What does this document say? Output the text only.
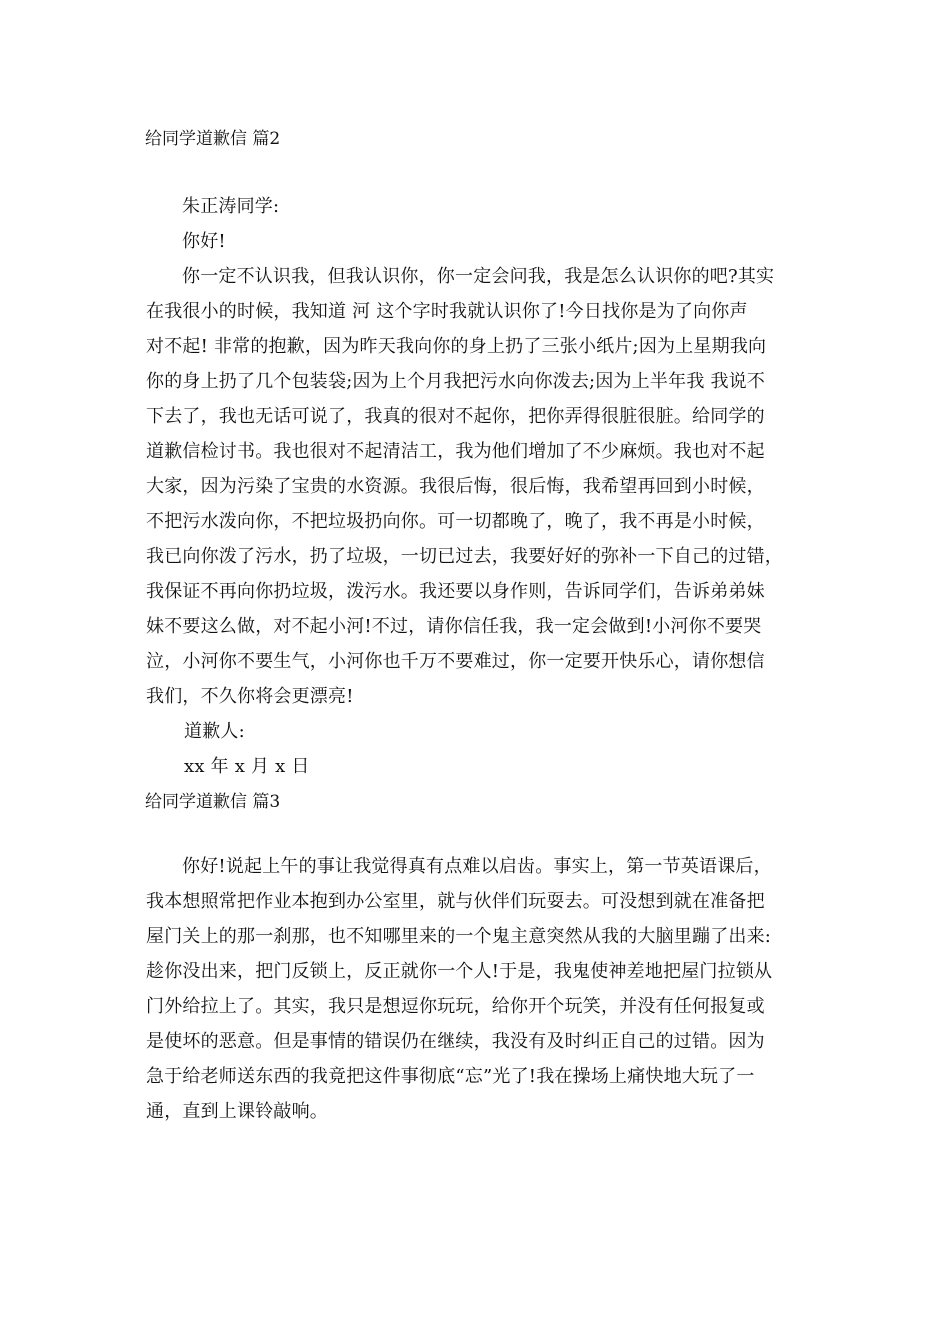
给同学道歉信 篇2
朱正涛同学:
你好!
你一定不认识我，但我认识你，你一定会问我，我是怎么认识你的吧?其实
在我很小的时候，我知道 河 这个字时我就认识你了!今日找你是为了向你声
对不起! 非常的抱歉，因为昨天我向你的身上扔了三张小纸片;因为上星期我向
你的身上扔了几个包装袋;因为上个月我把污水向你泼去;因为上半年我 我说不
下去了，我也无话可说了，我真的很对不起你，把你弄得很脏很脏。给同学的
道歉信检讨书。我也很对不起清洁工，我为他们增加了不少麻烦。我也对不起
大家，因为污染了宝贵的水资源。我很后悔，很后悔，我希望再回到小时候，
不把污水泼向你，不把垃圾扔向你。可一切都晚了，晚了，我不再是小时候，
我已向你泼了污水，扔了垃圾，一切已过去，我要好好的弥补一下自己的过错，
我保证不再向你扔垃圾，泼污水。我还要以身作则，告诉同学们，告诉弟弟妹
妹不要这么做，对不起小河!不过，请你信任我，我一定会做到!小河你不要哭
泣，小河你不要生气，小河你也千万不要难过，你一定要开快乐心，请你想信
我们，不久你将会更漂亮!
道歉人:
xx 年 x 月 x 日
给同学道歉信 篇3
你好!说起上午的事让我觉得真有点难以启齿。事实上，第一节英语课后，
我本想照常把作业本抱到办公室里，就与伙伴们玩耍去。可没想到就在准备把
屋门关上的那一刹那，也不知哪里来的一个鬼主意突然从我的大脑里蹦了出来:
趁你没出来，把门反锁上，反正就你一个人!于是，我鬼使神差地把屋门拉锁从
门外给拉上了。其实，我只是想逗你玩玩，给你开个玩笑，并没有任何报复或
是使坏的恶意。但是事情的错误仍在继续，我没有及时纠正自己的过错。因为
急于给老师送东西的我竟把这件事彻底“忘”光了!我在操场上痛快地大玩了一
通，直到上课铃敲响。
